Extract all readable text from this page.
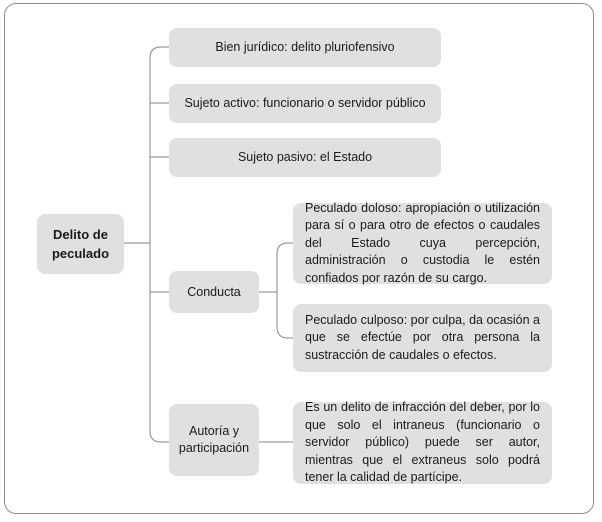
Delito de peculado
Bien jurídico: delito pluriofensivo
Sujeto activo: funcionario o servidor público
Sujeto pasivo: el Estado
Conducta
Peculado doloso: apropiación o utilización para sí o para otro de efectos o caudales del Estado cuya percepción, administración o custodia le estén confiados por razón de su cargo.
Peculado culposo: por culpa, da ocasión a que se efectúe por otra persona la sustracción de caudales o efectos.
Autoría y participación
Es un delito de infracción del deber, por lo que solo el intraneus (funcionario o servidor público) puede ser autor, mientras que el extraneus solo podrá tener la calidad de partícipe.
